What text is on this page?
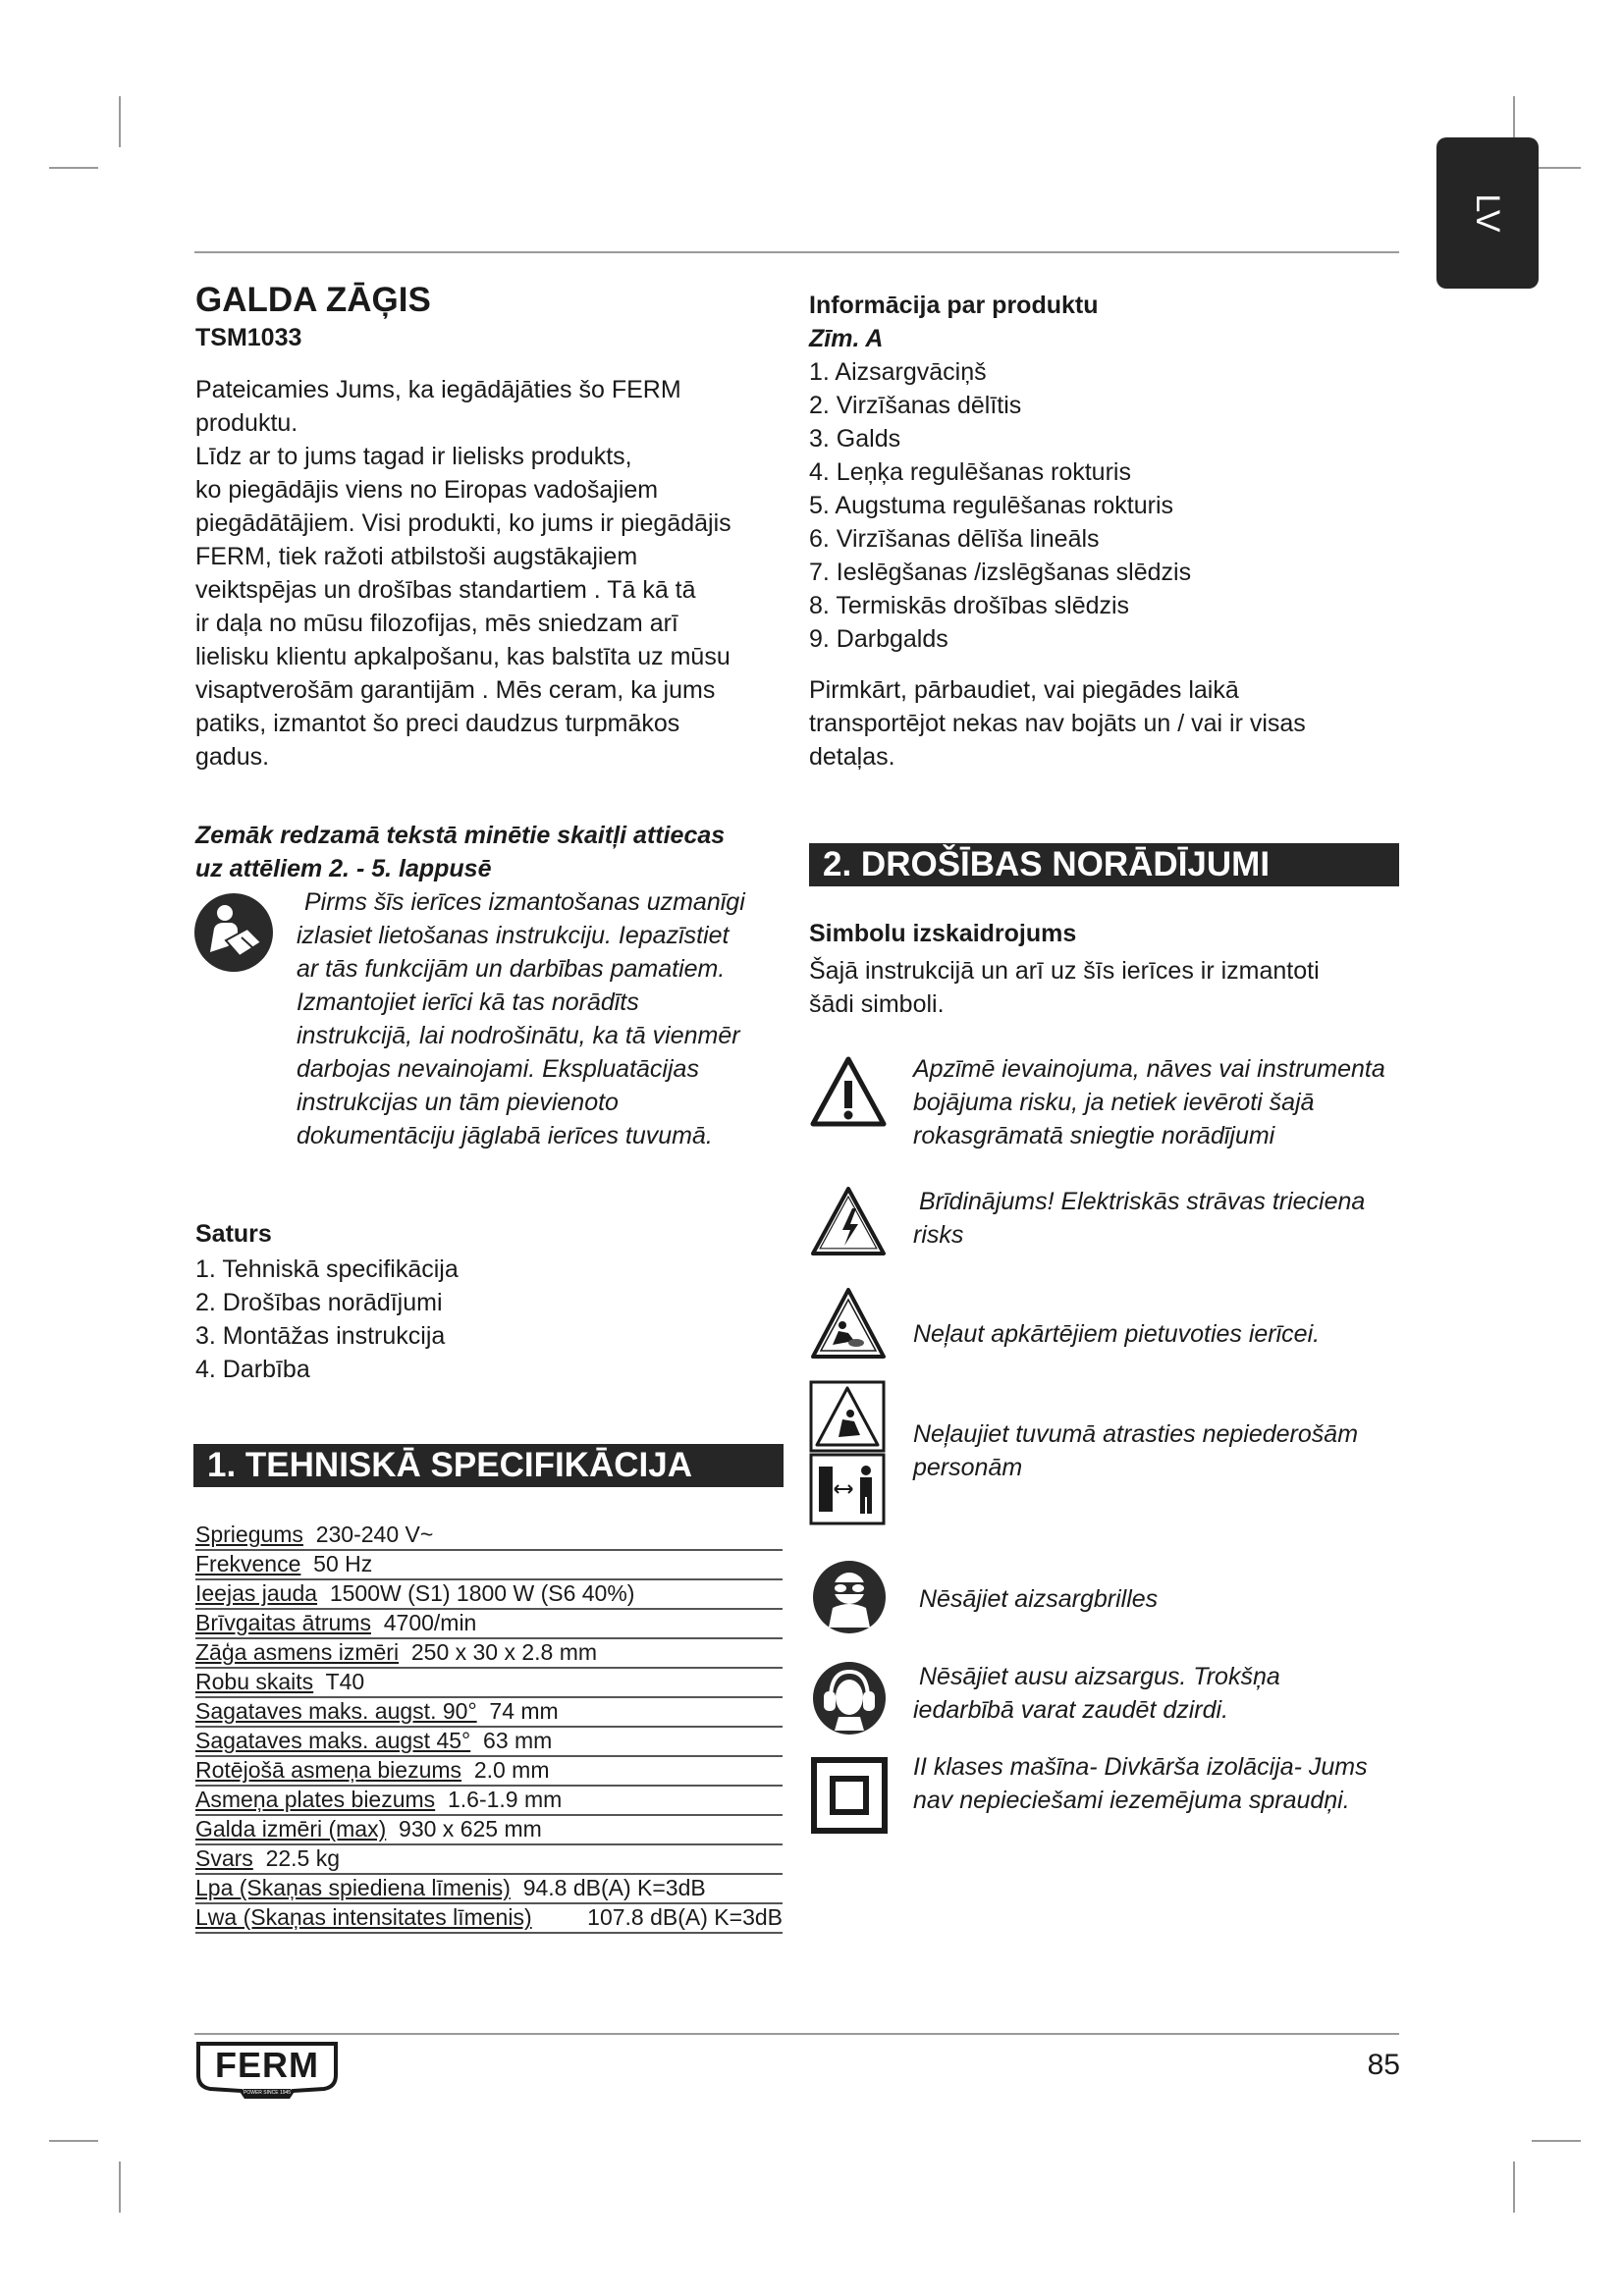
LV
GALDA ZĀĢIS
TSM1033

Pateicamies Jums, ka iegādājāties šo FERM

produktu.

Līdz ar to jums tagad ir lielisks produkts,

ko piegādājis viens no Eiropas vadošajiem

piegādātājiem. Visi produkti, ko jums ir piegādājis

FERM, tiek ražoti atbilstoši augstākajiem

veiktspējas un drošības standartiem . Tā kā tā

ir daļa no mūsu filozofijas, mēs sniedzam arī

lielisku klientu apkalpošanu, kas balstīta uz mūsu

visaptverošām garantijām . Mēs ceram, ka jums

patiks, izmantot šo preci daudzus turpmākos

gadus.

Zemāk redzamā tekstā minētie skaitļi attiecas

uz attēliem 2. - 5. lappusē

Pirms šīs ierīces izmantošanas uzmanīgi

izlasiet lietošanas instrukciju. Iepazīstiet

ar tās funkcijām un darbības pamatiem.

Izmantojiet ierīci kā tas norādīts

instrukcijā, lai nodrošinātu, ka tā vienmēr

darbojas nevainojami. Ekspluatācijas

instrukcijas un tām pievienoto

dokumentāciju jāglabā ierīces tuvumā.

Saturs
1. Tehniskā specifikācija
2. Drošības norādījumi
3. Montāžas instrukcija
4. Darbība
1. TEHNISKĀ SPECIFIKĀCIJA
Spriegums 230-240 V~
Frekvence 50 Hz
Ieejas jauda 1500W (S1) 1800 W (S6 40%)
Brīvgaitas ātrums 4700/min
Zāģa asmens izmēri 250 x 30 x 2.8 mm
Robu skaits T40
Sagataves maks. augst. 90° 74 mm
Sagataves maks. augst 45° 63 mm
Rotējošā asmeņa biezums 2.0 mm
Asmeņa plates biezums 1.6-1.9 mm
Galda izmēri (max) 930 x 625 mm
Svars 22.5 kg
Lpa (Skaņas spiediena līmenis) 94.8 dB(A) K=3dB
Lwa (Skaņas intensitates līmenis) 107.8 dB(A) K=3dB
Informācija par produktu
Zīm. A
1. Aizsargvāciņš
2. Virzīšanas dēlītis
3. Galds
4. Leņķa regulēšanas rokturis
5. Augstuma regulēšanas rokturis
6. Virzīšanas dēlīša lineāls
7. Ieslēgšanas /izslēgšanas slēdzis
8. Termiskās drošības slēdzis
9. Darbgalds

Pirmkārt, pārbaudiet, vai piegādes laikā

transportējot nekas nav bojāts un / vai ir visas

detaļas.

2. DROŠĪBAS NORĀDĪJUMI
Simbolu izskaidrojums

Šajā instrukcijā un arī uz šīs ierīces ir izmantoti

šādi simboli.

Apzīmē ievainojuma, nāves vai instrumenta
bojājuma risku, ja netiek ievēroti šajā
rokasgrāmatā sniegtie norādījumi
Brīdinājums! Elektriskās strāvas trieciena
risks
Neļaut apkārtējiem pietuvoties ierīcei.
Neļaujiet tuvumā atrasties nepiederošām
personām
Nēsājiet aizsargbrilles
Nēsājiet ausu aizsargus. Trokšņa
iedarbībā varat zaudēt dzirdi.
II klases mašīna- Divkārša izolācija- Jums
nav nepieciešami iezemējuma spraudņi.
FERM
POWER SINCE 1945
85
